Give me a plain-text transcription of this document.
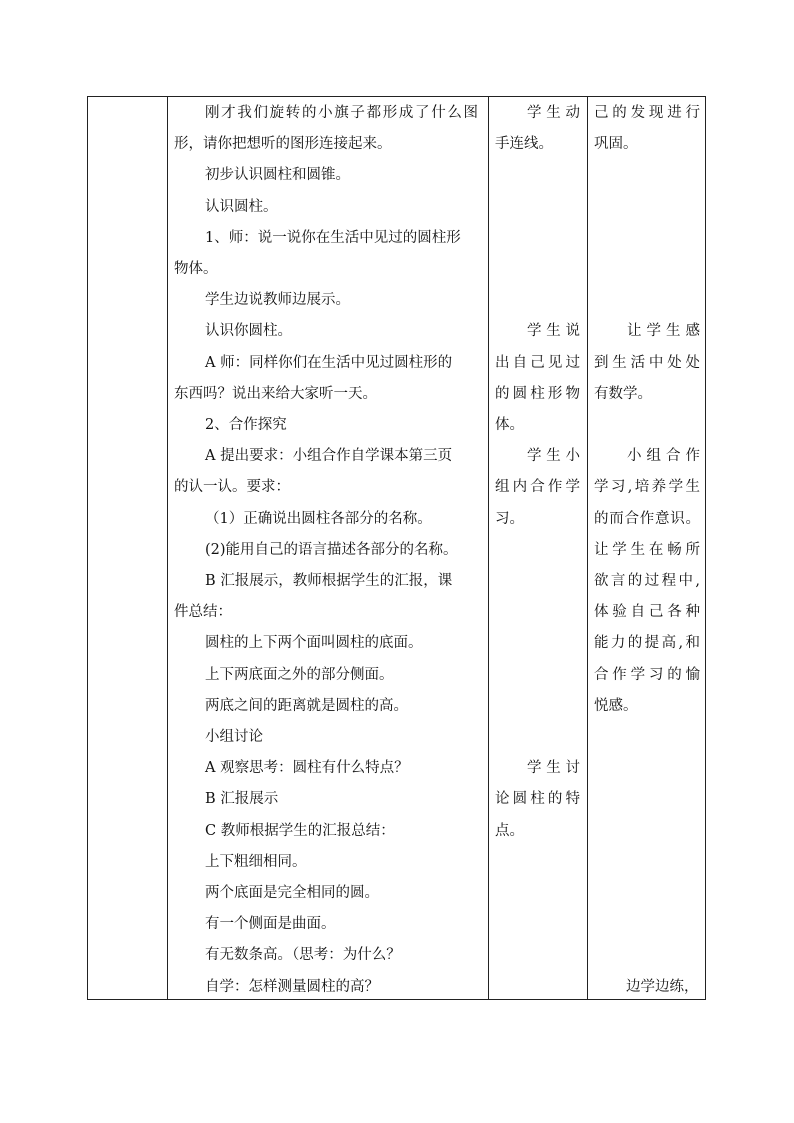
刚 才 我 们 旋 转 的 小 旗 子 都 形 成 了 什 么 图
形，请你把想听的图形连接起来。
初步认识圆柱和圆锥。
认识圆柱。
1、师：说一说你在生活中见过的圆柱形
物体。
学生边说教师边展示。
认识你圆柱。
A 师：同样你们在生活中见过圆柱形的
东西吗？说出来给大家听一天。
2、合作探究
A 提出要求：小组合作自学课本第三页
的认一认。要求：
（1）正确说出圆柱各部分的名称。
(2)能用自己的语言描述各部分的名称。
B 汇报展示，教师根据学生的汇报，课
件总结：
圆柱的上下两个面叫圆柱的底面。
上下两底面之外的部分侧面。
两底之间的距离就是圆柱的高。
小组讨论
A 观察思考：圆柱有什么特点？
B 汇报展示
C 教师根据学生的汇报总结：
上下粗细相同。
两个底面是完全相同的圆。
有一个侧面是曲面。
有无数条高。（思考：为什么？
自学：怎样测量圆柱的高？
学 生 动
手连线。
学 生 说
出 自 己 见 过
的 圆 柱 形 物
体。
学 生 小
组 内 合 作 学
习。
学 生 讨
论 圆 柱 的 特
点。
己 的 发 现 进 行
巩固。
让 学 生 感
到 生 活 中 处 处
有数学。
小 组 合 作
学 习 , 培 养 学 生
的 而 合 作 意 识 。
让 学 生 在 畅 所
欲 言 的 过 程 中 ,
体 验 自 己 各 种
能 力 的 提 高 , 和
合 作 学 习 的 愉
悦感。
边学边练，
